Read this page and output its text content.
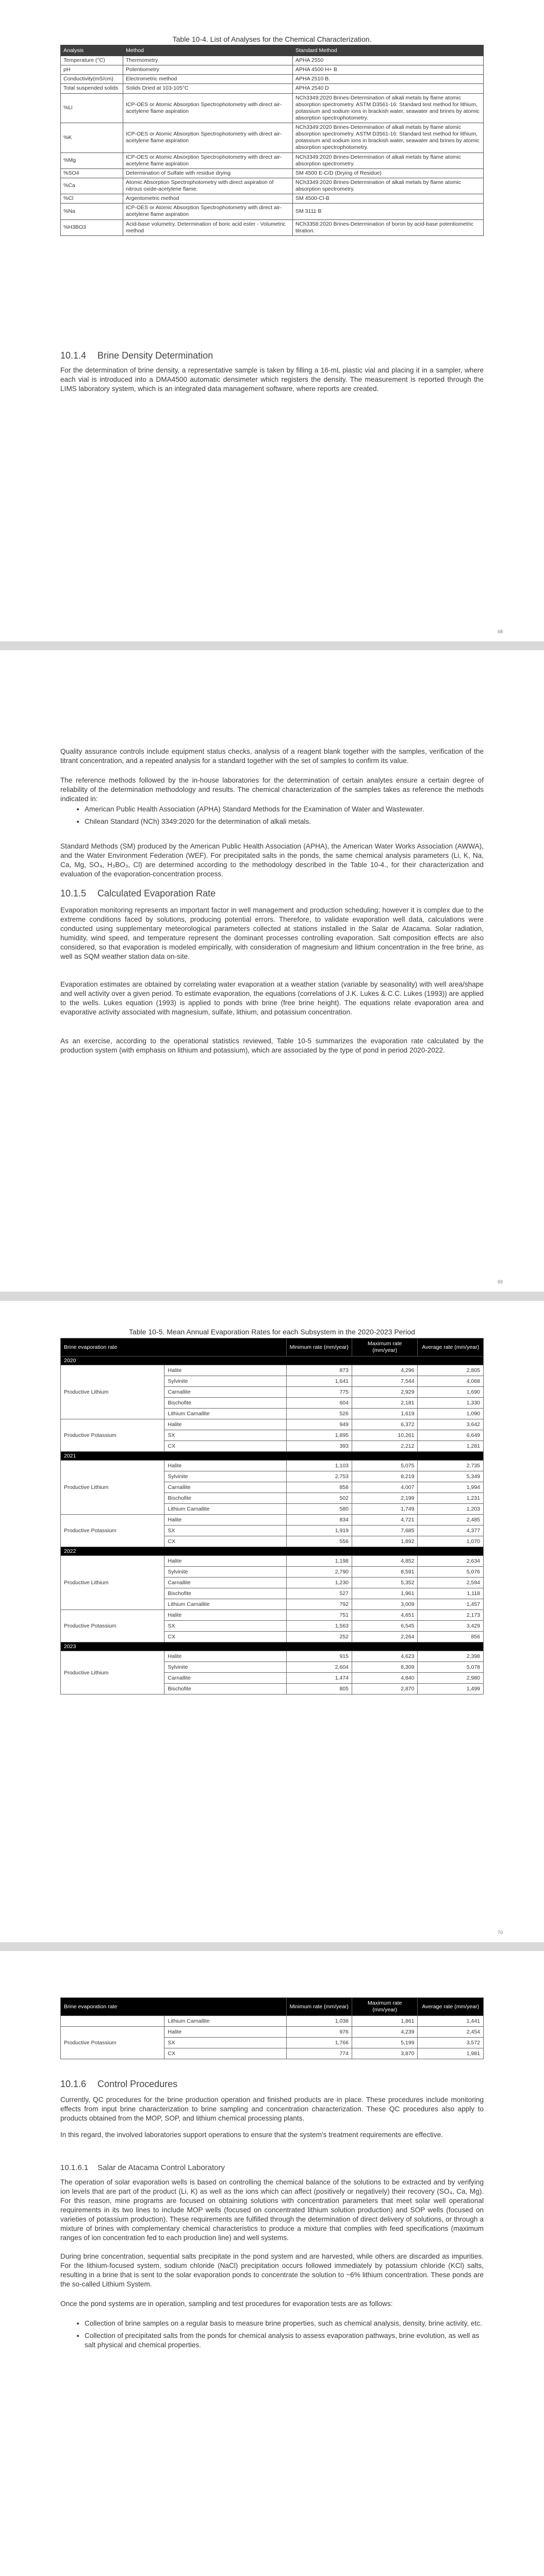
Table 10-4. List of Analyses for the Chemical Characterization.
Analysis	Method	Standard Method
Temperature (°C)	Thermometry	APHA 2550
pH	Potentiometry	APHA 4500 H+ B
Conductivity(mS/cm)	Electrometric method	APHA 2510 B.
Total suspended solids	Solids Dried at 103-105°C	APHA 2540 D
%Li	ICP-OES or Atomic Absorption Spectrophotometry with direct air-acetylene flame aspiration	NCh3349:2020 Brines-Determination of alkali metals by flame atomic absorption spectrometry. ASTM D3561-16: Standard test method for lithium, potassium and sodium ions in brackish water, seawater and brines by atomic absorption spectrophotometry.
%K	ICP-OES or Atomic Absorption Spectrophotometry with direct air-acetylene flame aspiration	NCh3349:2020 Brines-Determination of alkali metals by flame atomic absorption spectrometry. ASTM D3561-16: Standard test method for lithium, potassium and sodium ions in brackish water, seawater and brines by atomic absorption spectrophotometry.
%Mg	ICP-OES or Atomic Absorption Spectrophotometry with direct air-acetylene flame aspiration	NCh3349:2020 Brines-Determination of alkali metals by flame atomic absorption spectrometry.
%SO4	Determination of Sulfate with residue drying	SM 4500 E-C/D (Drying of Residue)
%Ca	Atomic Absorption Spectrophotometry with direct aspiration of nitrous oxide-acetylene flame.	NCh3349:2020 Brines-Determination of alkali metals by flame atomic absorption spectrometry.
%Cl	Argentometric method	SM 4500-Cl-B
%Na	ICP-OES or Atomic Absorption Spectrophotometry with direct air-acetylene flame aspiration	SM 3111 B
%H3BO3	Acid-base volumetry. Determination of boric acid ester - Volumetric method	NCh3358:2020 Brines-Determination of boron by acid-base potentiometric titration.
10.1.4 Brine Density Determination

For the determination of brine density, a representative sample is taken by filling a 16-mL plastic vial and placing it in a sampler, where each vial is introduced into a DMA4500 automatic densimeter which registers the density. The measurement is reported through the LIMS laboratory system, which is an integrated data management software, where reports are created.

68

Quality assurance controls include equipment status checks, analysis of a reagent blank together with the samples, verification of the titrant concentration, and a repeated analysis for a standard together with the set of samples to confirm its value.

The reference methods followed by the in-house laboratories for the determination of certain analytes ensure a certain degree of reliability of the determination methodology and results. The chemical characterization of the samples takes as reference the methods indicated in:

• American Public Health Association (APHA) Standard Methods for the Examination of Water and Wastewater.
• Chilean Standard (NCh) 3349:2020 for the determination of alkali metals.

Standard Methods (SM) produced by the American Public Health Association (APHA), the American Water Works Association (AWWA), and the Water Environment Federation (WEF). For precipitated salts in the ponds, the same chemical analysis parameters (Li, K, Na, Ca, Mg, SO₄, H₃BO₃, Cl) are determined according to the methodology described in the Table 10-4., for their characterization and evaluation of the evaporation-concentration process.

10.1.5 Calculated Evaporation Rate

Evaporation monitoring represents an important factor in well management and production scheduling; however it is complex due to the extreme conditions faced by solutions, producing potential errors. Therefore, to validate evaporation well data, calculations were conducted using supplementary meteorological parameters collected at stations installed in the Salar de Atacama. Solar radiation, humidity, wind speed, and temperature represent the dominant processes controlling evaporation. Salt composition effects are also considered, so that evaporation is modeled empirically, with consideration of magnesium and lithium concentration in the free brine, as well as SQM weather station data on-site.

Evaporation estimates are obtained by correlating water evaporation at a weather station (variable by seasonality) with well area/shape and well activity over a given period. To estimate evaporation, the equations (correlations of J.K. Lukes & C.C. Lukes (1993)) are applied to the wells. Lukes equation (1993) is applied to ponds with brine (free brine height). The equations relate evaporation area and evaporative activity associated with magnesium, sulfate, lithium, and potassium concentration.

As an exercise, according to the operational statistics reviewed, Table 10-5 summarizes the evaporation rate calculated by the production system (with emphasis on lithium and potassium), which are associated by the type of pond in period 2020-2022.

69
Table 10-5. Mean Annual Evaporation Rates for each Subsystem in the 2020-2023 Period
Brine evaporation rate		Minimum rate (mm/year)	Maximum rate (mm/year)	Average rate (mm/year)
2020				
Productive Lithium	Halite	873	4,296	2,805
	Sylvinite	1,641	7,544	4,068
	Carnallite	775	2,929	1,690
	Bischofite	604	2,181	1,330
	Lithium Carnallite	526	1,619	1,090
Productive Potassium	Halite	949	6,372	3,642
	SX	1,895	10,261	6,649
	CX	393	2,212	1,281
2021				
Productive Lithium	Halite	1,103	5,075	2,735
	Sylvinite	2,753	8,219	5,349
	Carnallite	858	4,007	1,994
	Bischofite	502	2,199	1,231
	Lithium Carnallite	580	1,749	1,203
Productive Potassium	Halite	834	4,721	2,485
	SX	1,919	7,685	4,377
	CX	556	1,892	1,070
2022				
Productive Lithium	Halite	1,198	4,852	2,634
	Sylvinite	2,790	8,591	5,076
	Carnallite	1,230	5,352	2,594
	Bischofite	527	1,961	1,118
	Lithium Carnallite	792	3,009	1,457
Productive Potassium	Halite	751	4,651	2,173
	SX	1,563	6,545	3,429
	CX	252	2,264	856
2023				
Productive Lithium	Halite	915	4,623	2,398
	Sylvinite	2,604	8,309	5,078
	Carnallite	1,474	4,840	2,980
	Bischofite	805	2,870	1,499
70
Brine evaporation rate		Minimum rate (mm/year)	Maximum rate (mm/year)	Average rate (mm/year)
	Lithium Carnallite	1,038	1,861	1,441
Productive Potassium	Halite	976	4,239	2,454
	SX	1,766	5,199	3,572
	CX	774	3,870	1,981
10.1.6 Control Procedures

Currently, QC procedures for the brine production operation and finished products are in place. These procedures include monitoring effects from input brine characterization to brine sampling and concentration characterization. These QC procedures also apply to products obtained from the MOP, SOP, and lithium chemical processing plants.

In this regard, the involved laboratories support operations to ensure that the system's treatment requirements are effective.

10.1.6.1 Salar de Atacama Control Laboratory

The operation of solar evaporation wells is based on controlling the chemical balance of the solutions to be extracted and by verifying ion levels that are part of the product (Li, K) as well as the ions which can affect (positively or negatively) their recovery (SO₄, Ca, Mg). For this reason, mine programs are focused on obtaining solutions with concentration parameters that meet solar well operational requirements in its two lines to include MOP wells (focused on concentrated lithium solution production) and SOP wells (focused on varieties of potassium production). These requirements are fulfilled through the determination of direct delivery of solutions, or through a mixture of brines with complementary chemical characteristics to produce a mixture that complies with feed specifications (maximum ranges of ion concentration fed to each production line) and well systems.

During brine concentration, sequential salts precipitate in the pond system and are harvested, while others are discarded as impurities. For the lithium-focused system, sodium chloride (NaCl) precipitation occurs followed immediately by potassium chloride (KCl) salts, resulting in a brine that is sent to the solar evaporation ponds to concentrate the solution to ~6% lithium concentration. These ponds are the so-called Lithium System.

Once the pond systems are in operation, sampling and test procedures for evaporation tests are as follows:

• Collection of brine samples on a regular basis to measure brine properties, such as chemical analysis, density, brine activity, etc.
• Collection of precipitated salts from the ponds for chemical analysis to assess evaporation pathways, brine evolution, as well as salt physical and chemical properties.
